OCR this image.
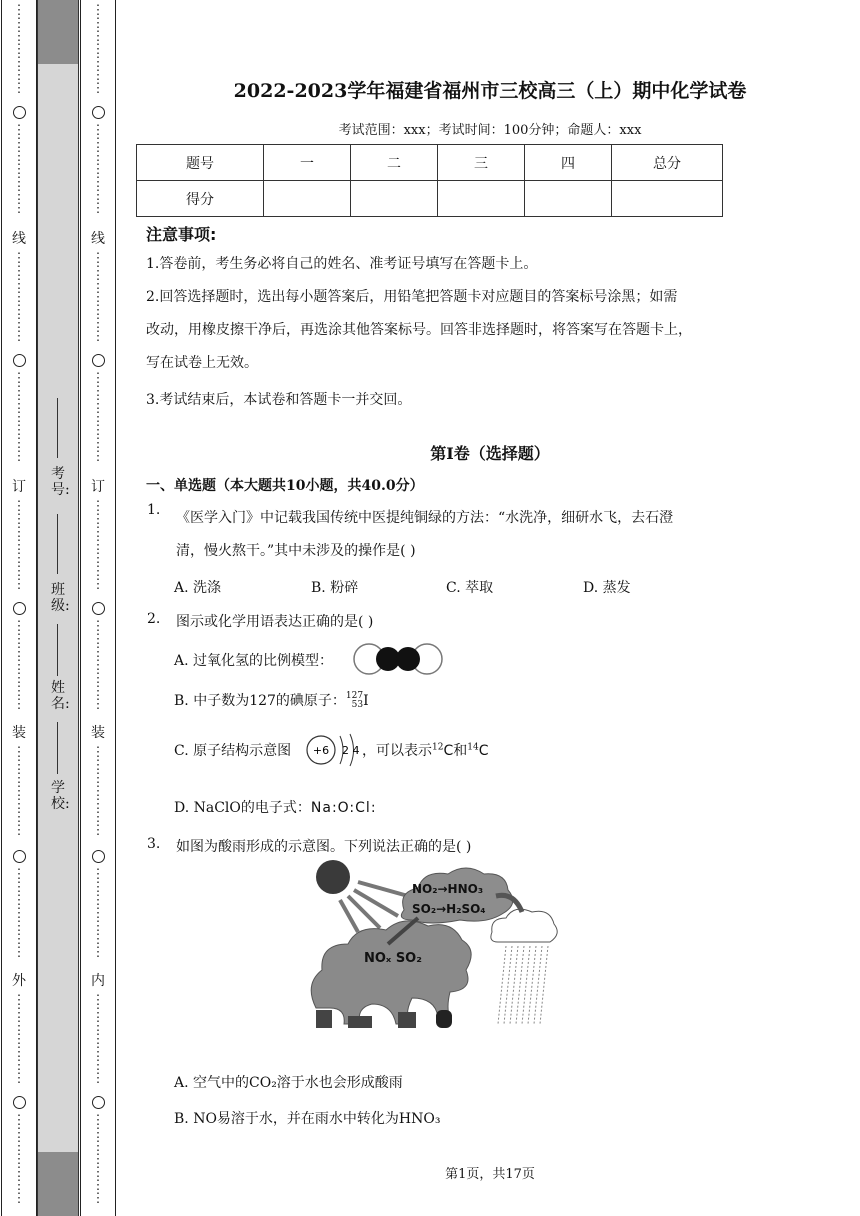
⋮
⋮
⋮
⋮
⋮
⋮
⋮
⋮
⋮
⋮
⋮
⋮
⋮
⋮
线
⋮
⋮
⋮
⋮
⋮
⋮
⋮
⋮
⋮
⋮
⋮
⋮
⋮
⋮
订
⋮
⋮
⋮
⋮
⋮
⋮
⋮
⋮
⋮
⋮
⋮
⋮
⋮
⋮
装
⋮
⋮
⋮
⋮
⋮
⋮
⋮
⋮
⋮
⋮
⋮
⋮
⋮
⋮
外
⋮
⋮
⋮
⋮
⋮
⋮
⋮
⋮
⋮
⋮
⋮
⋮
⋮
⋮
考号:
班级:
姓名:
学校:
⋮
⋮
⋮
⋮
⋮
⋮
⋮
⋮
⋮
⋮
⋮
⋮
⋮
⋮
线
⋮
⋮
⋮
⋮
⋮
⋮
⋮
⋮
⋮
⋮
⋮
⋮
⋮
⋮
订
⋮
⋮
⋮
⋮
⋮
⋮
⋮
⋮
⋮
⋮
⋮
⋮
⋮
⋮
装
⋮
⋮
⋮
⋮
⋮
⋮
⋮
⋮
⋮
⋮
⋮
⋮
⋮
⋮
内
⋮
⋮
⋮
⋮
⋮
⋮
⋮
⋮
⋮
⋮
⋮
⋮
⋮
⋮
2022-2023学年福建省福州市三校高三（上）期中化学试卷
考试范围：xxx；考试时间：100分钟；命题人：xxx
题号	一	二	三	四	总分
得分					
注意事项:
1.答卷前，考生务必将自己的姓名、准考证号填写在答题卡上。
2.回答选择题时，选出每小题答案后，用铅笔把答题卡对应题目的答案标号涂黑；如需
改动，用橡皮擦干净后，再选涂其他答案标号。回答非选择题时，将答案写在答题卡上，
写在试卷上无效。
3.考试结束后，本试卷和答题卡一并交回。
第I卷（选择题）
一、单选题（本大题共10小题，共40.0分）
1. 《医学入门》中记载我国传统中医提纯铜绿的方法：“水洗净，细研水飞，去石澄
清，慢火熬干。”其中未涉及的操作是( )
A. 洗涤	B. 粉碎	C. 萃取	D. 蒸发
2. 图示或化学用语表达正确的是( )
A. 过氧化氢的比例模型：
B. 中子数为127的碘原子：127
53I
C. 原子结构示意图 +6 2 4 ，可以表示$^{12}$C和$^{14}$C
D. NaClO的电子式：Na:O:Cl:
3. 如图为酸雨形成的示意图。下列说法正确的是( )
NO₂→HNO₃
SO₂→H₂SO₄
NOₓ SO₂
A. 空气中的CO₂溶于水也会形成酸雨
B. NO易溶于水，并在雨水中转化为HNO₃
第1页，共17页
